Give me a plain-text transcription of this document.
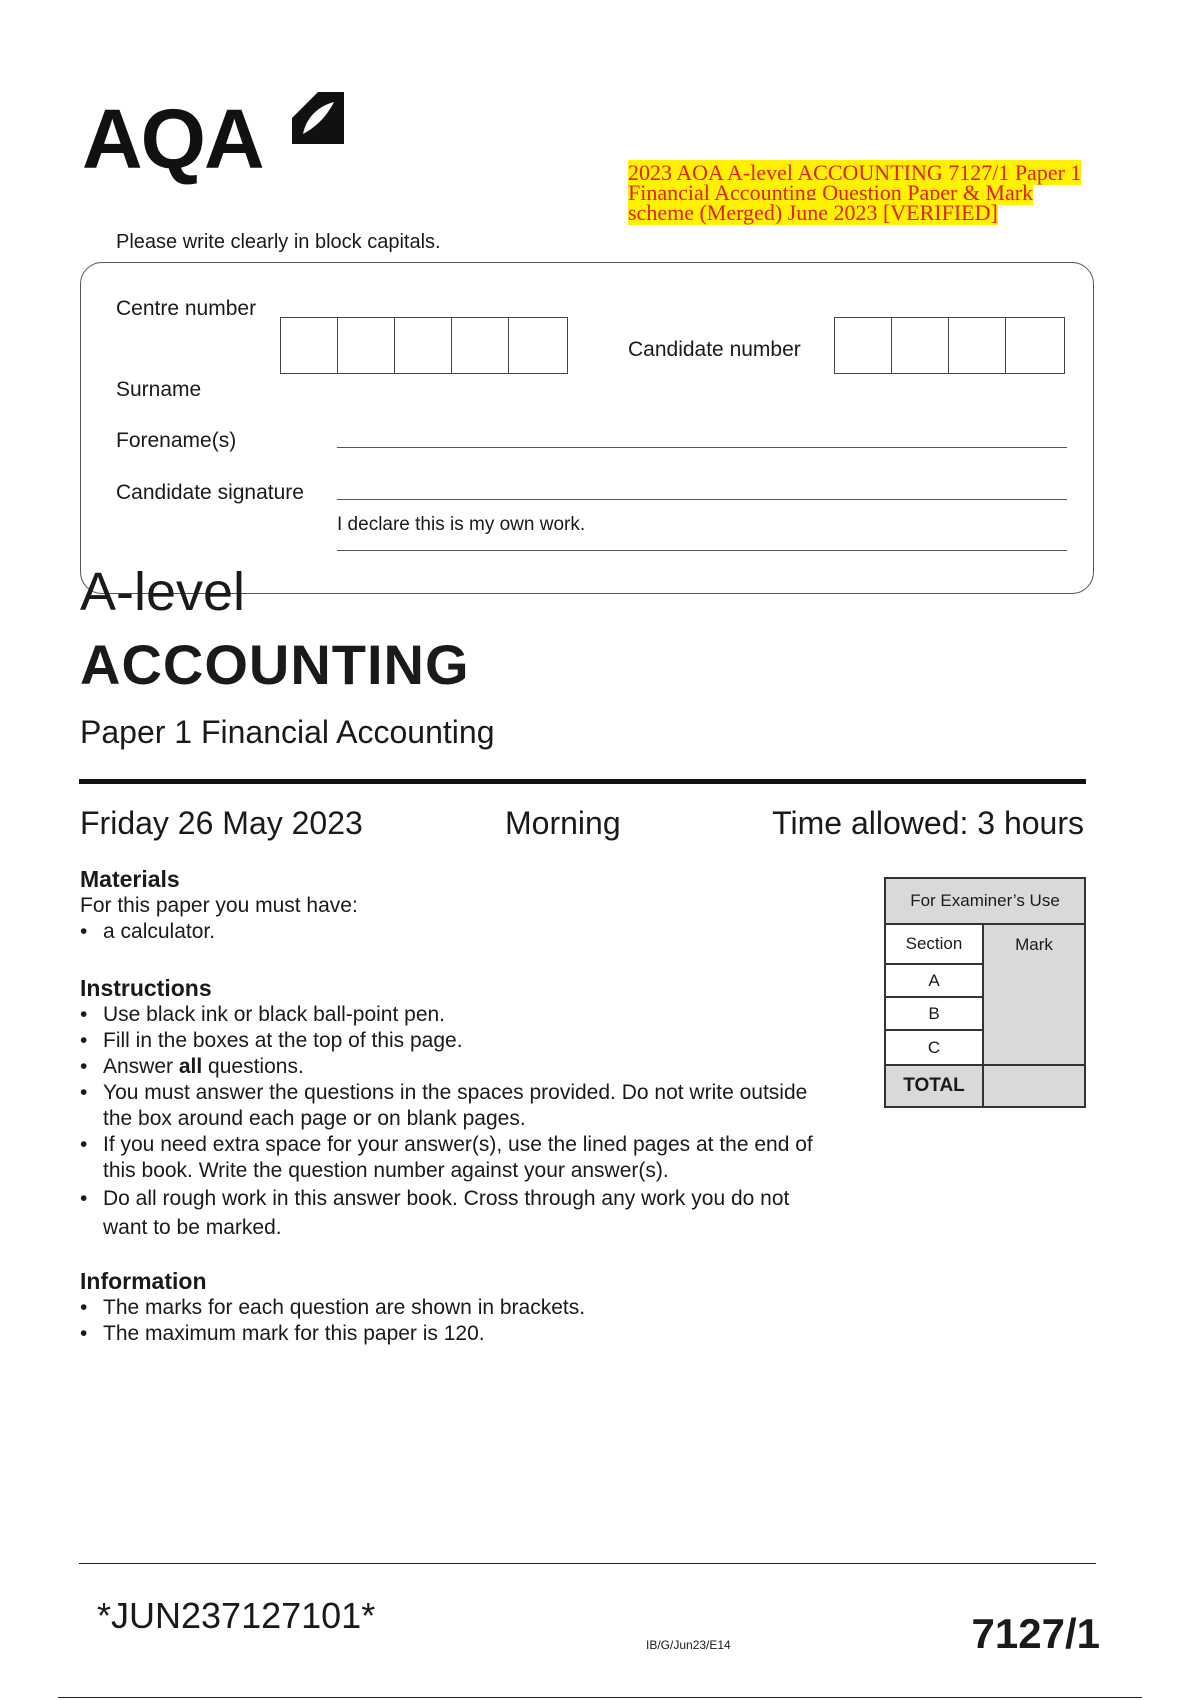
AQA	2023 AQA A-level ACCOUNTING 7127/1 Paper 1 Financial Accounting Question Paper & Mark scheme (Merged) June 2023 [VERIFIED]
Please write clearly in block capitals.
Centre number
Candidate number
Surname
Forename(s)
Candidate signature
I declare this is my own work.
A-level
ACCOUNTING
Paper 1 Financial Accounting
Friday 26 May 2023	Morning	Time allowed: 3 hours
Materials
For this paper you must have:
• a calculator.
Instructions
• Use black ink or black ball-point pen.
• Fill in the boxes at the top of this page.
• Answer all questions.
• You must answer the questions in the spaces provided. Do not write outside the box around each page or on blank pages.
• If you need extra space for your answer(s), use the lined pages at the end of this book. Write the question number against your answer(s).
• Do all rough work in this answer book. Cross through any work you do not want to be marked.
Information
• The marks for each question are shown in brackets.
• The maximum mark for this paper is 120.
For Examiner’s Use
Section	Mark
A
B
C
TOTAL
*JUN237127101*
IB/G/Jun23/E14	7127/1
